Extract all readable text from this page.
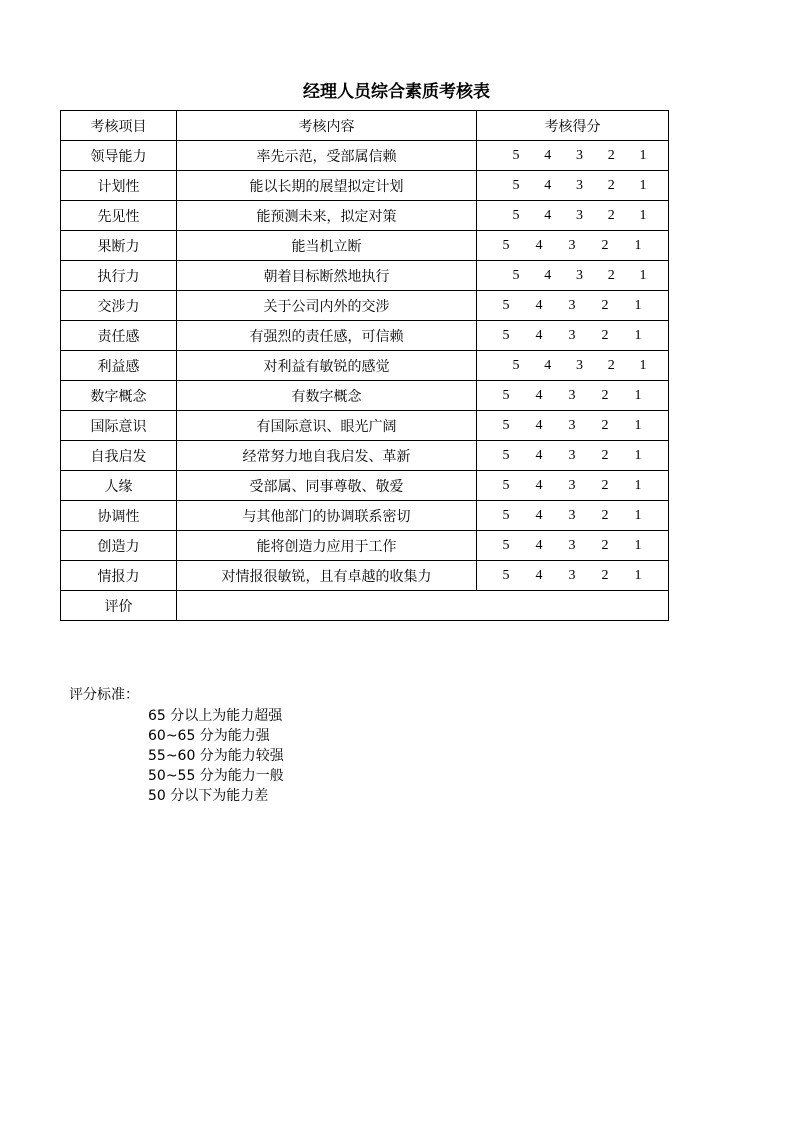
经理人员综合素质考核表
考核项目	考核内容	考核得分
领导能力	率先示范，受部属信赖	5 4 3 2 1

计划性	能以长期的展望拟定计划	5 4 3 2 1

先见性	能预测未来，拟定对策	5 4 3 2 1

果断力	能当机立断	5 4 3 2 1

执行力	朝着目标断然地执行	5 4 3 2 1

交涉力	关于公司内外的交涉	5 4 3 2 1

责任感	有强烈的责任感，可信赖	5 4 3 2 1

利益感	对利益有敏锐的感觉	5 4 3 2 1

数字概念	有数字概念	5 4 3 2 1

国际意识	有国际意识、眼光广阔	5 4 3 2 1

自我启发	经常努力地自我启发、革新	5 4 3 2 1

人缘	受部属、同事尊敬、敬爱	5 4 3 2 1

协调性	与其他部门的协调联系密切	5 4 3 2 1

创造力	能将创造力应用于工作	5 4 3 2 1

情报力	对情报很敏锐，且有卓越的收集力	5 4 3 2 1

评价		
评分标准：
65 分以上为能力超强
60~65 分为能力强
55~60 分为能力较强
50~55 分为能力一般
50 分以下为能力差
